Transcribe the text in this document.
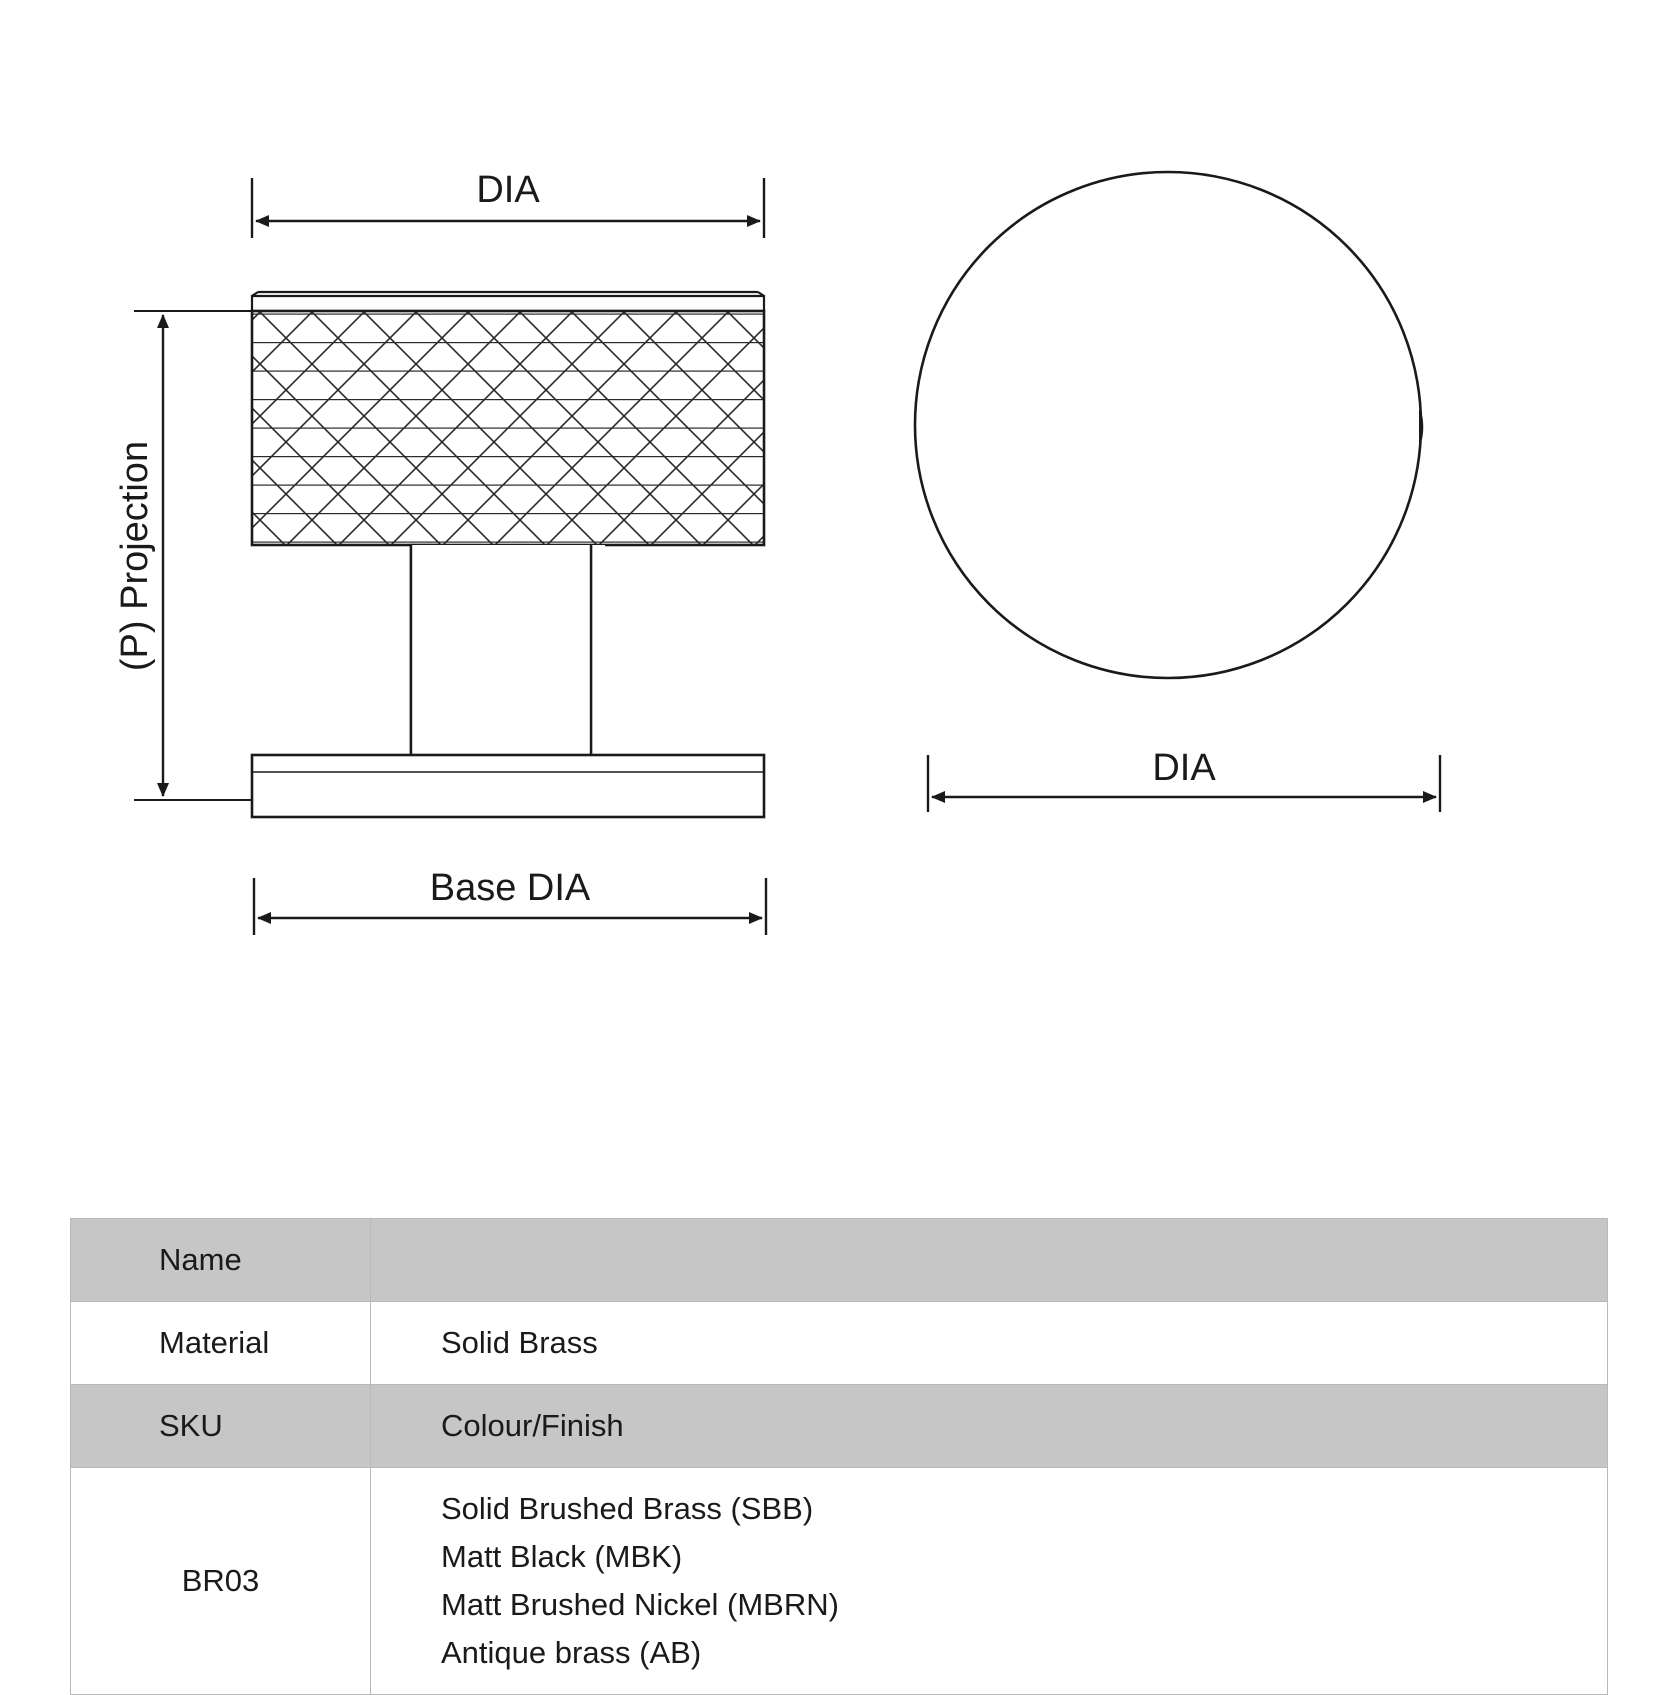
DIA
(P) Projection
Base DIA
DIA
Name	

Material	Solid Brass

SKU	Colour/Finish

BR03	Solid Brushed Brass (SBB)
Matt Black (MBK)
Matt Brushed Nickel (MBRN)
Antique brass (AB)
